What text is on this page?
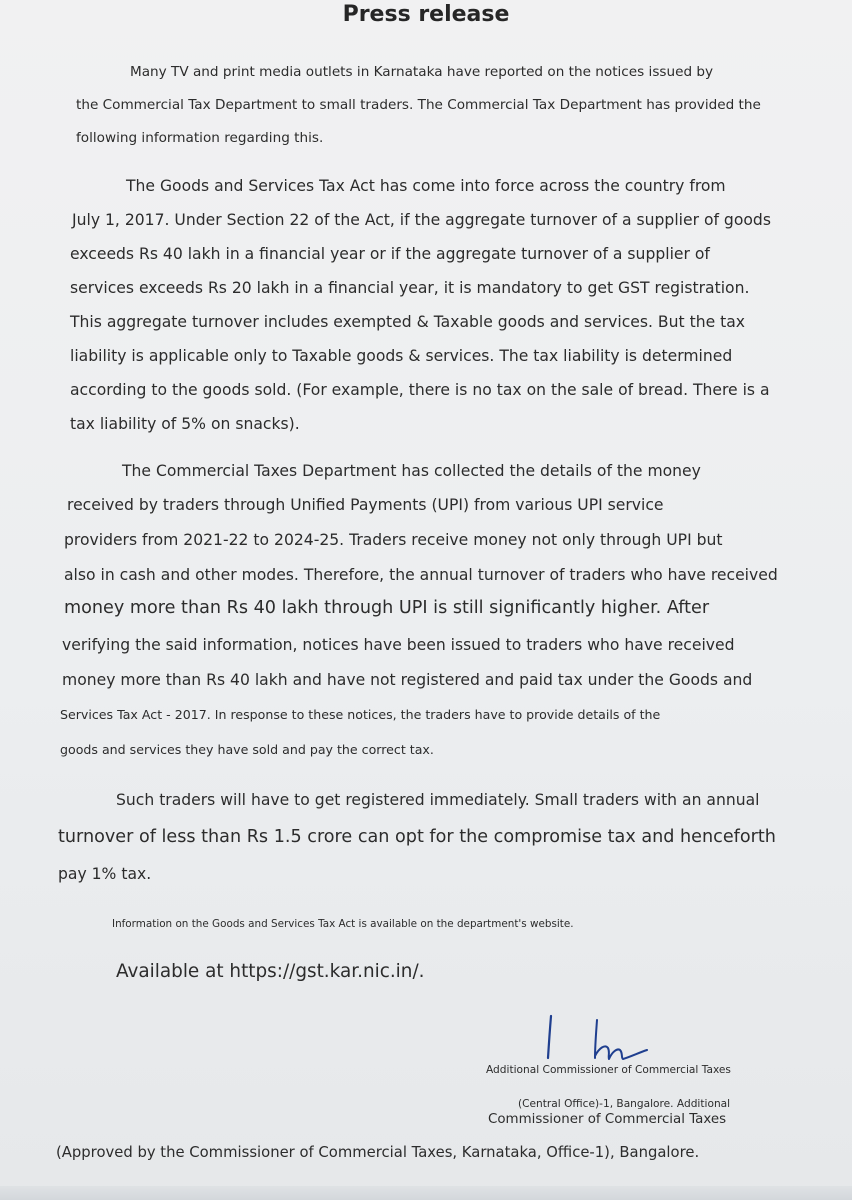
Press release
Many TV and print media outlets in Karnataka have reported on the notices issued by
the Commercial Tax Department to small traders. The Commercial Tax Department has provided the
following information regarding this.
The Goods and Services Tax Act has come into force across the country from
July 1, 2017. Under Section 22 of the Act, if the aggregate turnover of a supplier of goods
exceeds Rs 40 lakh in a financial year or if the aggregate turnover of a supplier of
services exceeds Rs 20 lakh in a financial year, it is mandatory to get GST registration.
This aggregate turnover includes exempted & Taxable goods and services. But the tax
liability is applicable only to Taxable goods & services. The tax liability is determined
according to the goods sold. (For example, there is no tax on the sale of bread. There is a
tax liability of 5% on snacks).
The Commercial Taxes Department has collected the details of the money
received by traders through Unified Payments (UPI) from various UPI service
providers from 2021-22 to 2024-25. Traders receive money not only through UPI but
also in cash and other modes. Therefore, the annual turnover of traders who have received
money more than Rs 40 lakh through UPI is still significantly higher. After
verifying the said information, notices have been issued to traders who have received
money more than Rs 40 lakh and have not registered and paid tax under the Goods and
Services Tax Act - 2017. In response to these notices, the traders have to provide details of the
goods and services they have sold and pay the correct tax.
Such traders will have to get registered immediately. Small traders with an annual
turnover of less than Rs 1.5 crore can opt for the compromise tax and henceforth
pay 1% tax.
Information on the Goods and Services Tax Act is available on the department's website.
Available at https://gst.kar.nic.in/.
Additional Commissioner of Commercial Taxes
(Central Office)-1, Bangalore. Additional
Commissioner of Commercial Taxes
(Approved by the Commissioner of Commercial Taxes, Karnataka, Office-1), Bangalore.
